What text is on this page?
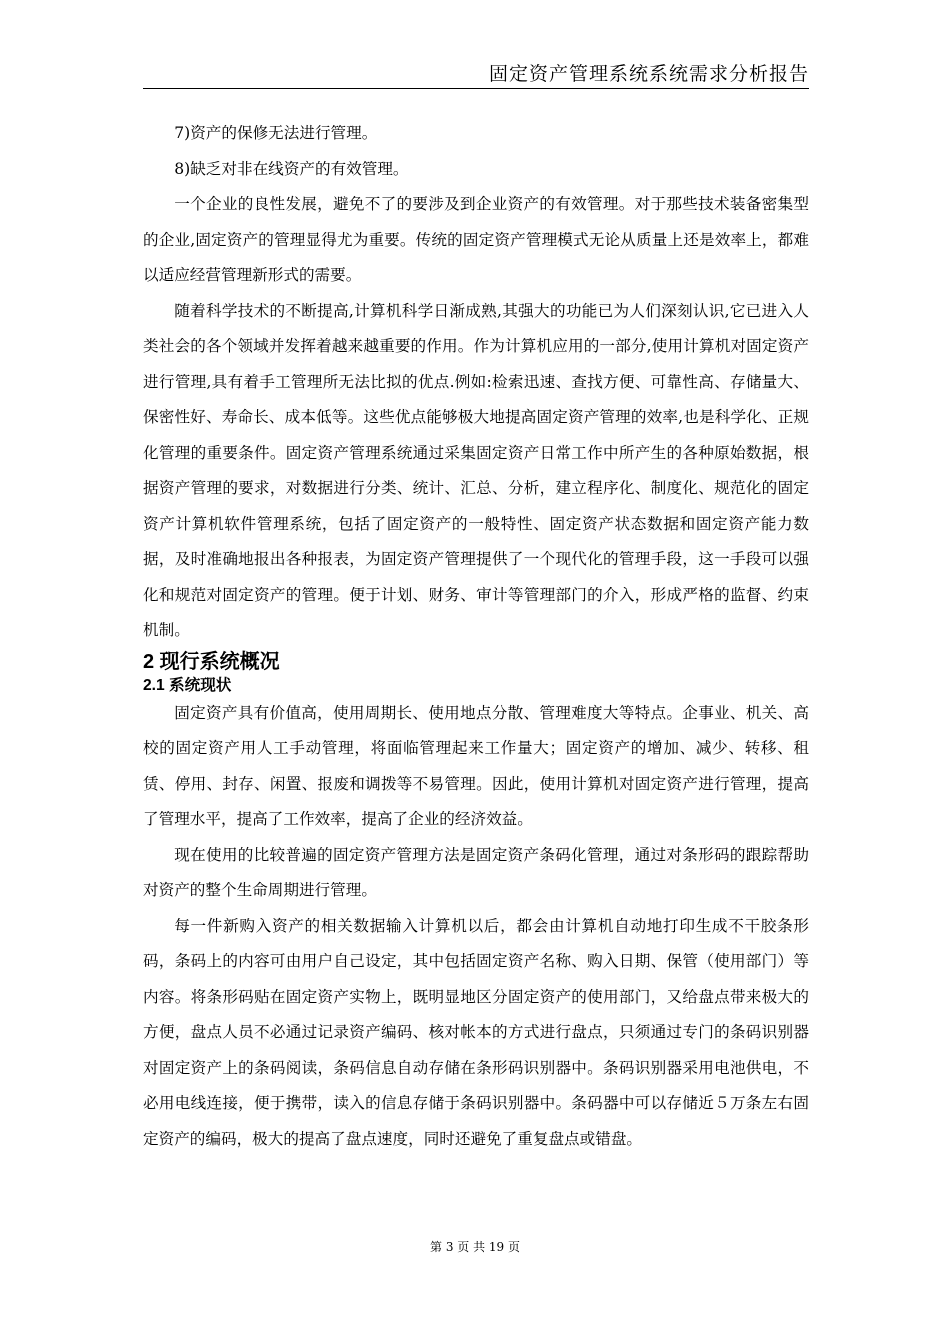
固定资产管理系统系统需求分析报告

7)资产的保修无法进行管理。

8)缺乏对非在线资产的有效管理。

一个企业的良性发展，避免不了的要涉及到企业资产的有效管理。对于那些技术装备密集型的企业,固定资产的管理显得尤为重要。传统的固定资产管理模式无论从质量上还是效率上，都难以适应经营管理新形式的需要。

随着科学技术的不断提高,计算机科学日渐成熟,其强大的功能已为人们深刻认识,它已进入人类社会的各个领域并发挥着越来越重要的作用。作为计算机应用的一部分,使用计算机对固定资产进行管理,具有着手工管理所无法比拟的优点.例如:检索迅速、查找方便、可靠性高、存储量大、保密性好、寿命长、成本低等。这些优点能够极大地提高固定资产管理的效率,也是科学化、正规化管理的重要条件。固定资产管理系统通过采集固定资产日常工作中所产生的各种原始数据，根据资产管理的要求，对数据进行分类、统计、汇总、分析，建立程序化、制度化、规范化的固定资产计算机软件管理系统，包括了固定资产的一般特性、固定资产状态数据和固定资产能力数据，及时准确地报出各种报表，为固定资产管理提供了一个现代化的管理手段，这一手段可以强化和规范对固定资产的管理。便于计划、财务、审计等管理部门的介入，形成严格的监督、约束机制。

2 现行系统概况
2.1 系统现状

固定资产具有价值高，使用周期长、使用地点分散、管理难度大等特点。企事业、机关、高校的固定资产用人工手动管理，将面临管理起来工作量大；固定资产的增加、减少、转移、租赁、停用、封存、闲置、报废和调拨等不易管理。因此，使用计算机对固定资产进行管理，提高了管理水平，提高了工作效率，提高了企业的经济效益。

现在使用的比较普遍的固定资产管理方法是固定资产条码化管理，通过对条形码的跟踪帮助对资产的整个生命周期进行管理。

每一件新购入资产的相关数据输入计算机以后，都会由计算机自动地打印生成不干胶条形码，条码上的内容可由用户自己设定，其中包括固定资产名称、购入日期、保管（使用部门）等内容。将条形码贴在固定资产实物上，既明显地区分固定资产的使用部门，又给盘点带来极大的方便，盘点人员不必通过记录资产编码、核对帐本的方式进行盘点，只须通过专门的条码识别器对固定资产上的条码阅读，条码信息自动存储在条形码识别器中。条码识别器采用电池供电，不必用电线连接，便于携带，读入的信息存储于条码识别器中。条码器中可以存储近５万条左右固定资产的编码，极大的提高了盘点速度，同时还避免了重复盘点或错盘。

第 3 页 共 19 页
